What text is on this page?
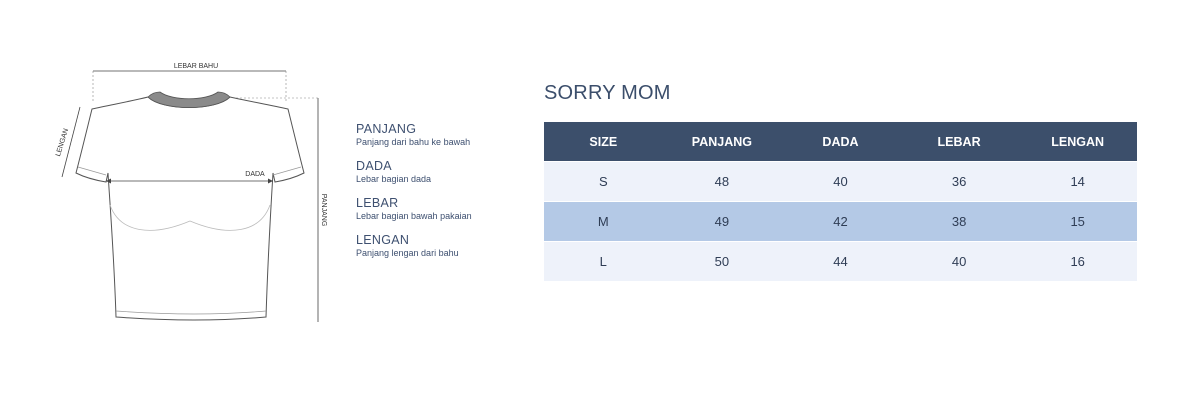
LEBAR BAHU
LENGAN
PANJANG
DADA
PANJANG
Panjang dari bahu ke bawah
DADA
Lebar bagian dada
LEBAR
Lebar bagian bawah pakaian
LENGAN
Panjang lengan dari bahu
SORRY MOM
SIZE	PANJANG	DADA	LEBAR	LENGAN
S	48	40	36	14
M	49	42	38	15
L	50	44	40	16
